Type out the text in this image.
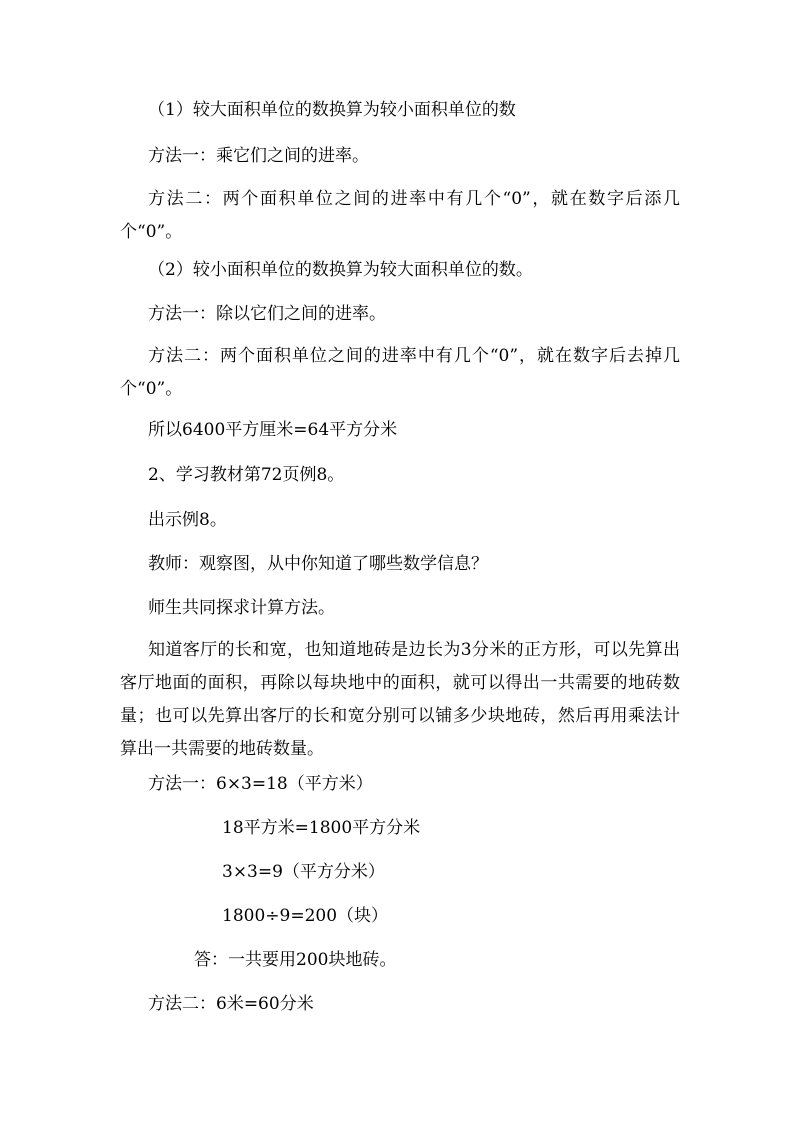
（1）较大面积单位的数换算为较小面积单位的数

方法一：乘它们之间的进率。

方法二：两个面积单位之间的进率中有几个“0”，就在数字后添几个“0”。

（2）较小面积单位的数换算为较大面积单位的数。

方法一：除以它们之间的进率。

方法二：两个面积单位之间的进率中有几个“0”，就在数字后去掉几个“0”。

所以6400平方厘米=64平方分米

2、学习教材第72页例8。

出示例8。

教师：观察图，从中你知道了哪些数学信息？

师生共同探求计算方法。

知道客厅的长和宽，也知道地砖是边长为3分米的正方形，可以先算出客厅地面的面积，再除以每块地中的面积，就可以得出一共需要的地砖数量；也可以先算出客厅的长和宽分别可以铺多少块地砖，然后再用乘法计算出一共需要的地砖数量。

方法一：6×3=18（平方米）

18平方米=1800平方分米

3×3=9（平方分米）

1800÷9=200（块）

答：一共要用200块地砖。

方法二：6米=60分米
